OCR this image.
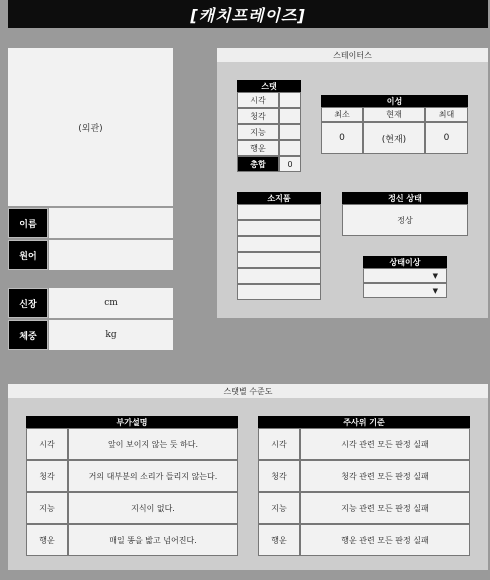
[캐치프레이즈]
(외관)
이름
원어
신장	cm
체중	kg
스테이터스
스탯
시각
청각
지능
행운
총합	0
이성
최소	현재	최대
0	(현재)	0
소지품	정신 상태
정상
상태이상
▼
▼
스탯별 수준도
부가설명
시각	앞이 보이지 않는 듯 하다.
청각	거의 대부분의 소리가 들리지 않는다.
지능	지식이 없다.
행운	매일 똥을 밟고 넘어진다.
주사위 기준
시각	시각 관련 모든 판정 실패
청각	청각 관련 모든 판정 실패
지능	지능 관련 모든 판정 실패
행운	행운 관련 모든 판정 실패
